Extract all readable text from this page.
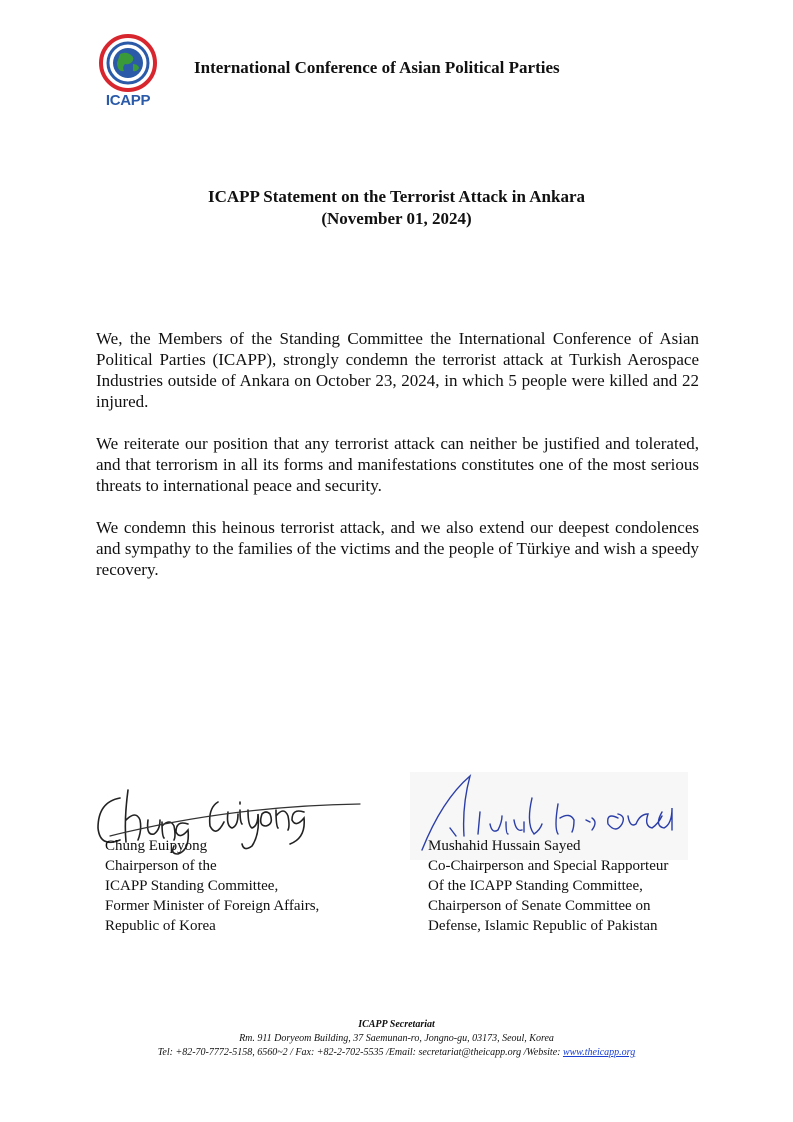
ICAPP
International Conference of Asian Political Parties
ICAPP Statement on the Terrorist Attack in Ankara
(November 01, 2024)

We, the Members of the Standing Committee the International Conference of Asian Political Parties (ICAPP), strongly condemn the terrorist attack at Turkish Aerospace Industries outside of Ankara on October 23, 2024, in which 5 people were killed and 22 injured.

We reiterate our position that any terrorist attack can neither be justified and tolerated, and that terrorism in all its forms and manifestations constitutes one of the most serious threats to international peace and security.

We condemn this heinous terrorist attack, and we also extend our deepest condolences and sympathy to the families of the victims and the people of Türkiye and wish a speedy recovery.

Chung Euipyong
Chairperson of the
ICAPP Standing Committee,
Former Minister of Foreign Affairs,
Republic of Korea
Mushahid Hussain Sayed
Co-Chairperson and Special Rapporteur
Of the ICAPP Standing Committee,
Chairperson of Senate Committee on
Defense, Islamic Republic of Pakistan
ICAPP Secretariat
Rm. 911 Doryeom Building, 37 Saemunan-ro, Jongno-gu, 03173, Seoul, Korea
Tel: +82-70-7772-5158, 6560~2 / Fax: +82-2-702-5535 /Email: secretariat@theicapp.org /Website: www.theicapp.org
